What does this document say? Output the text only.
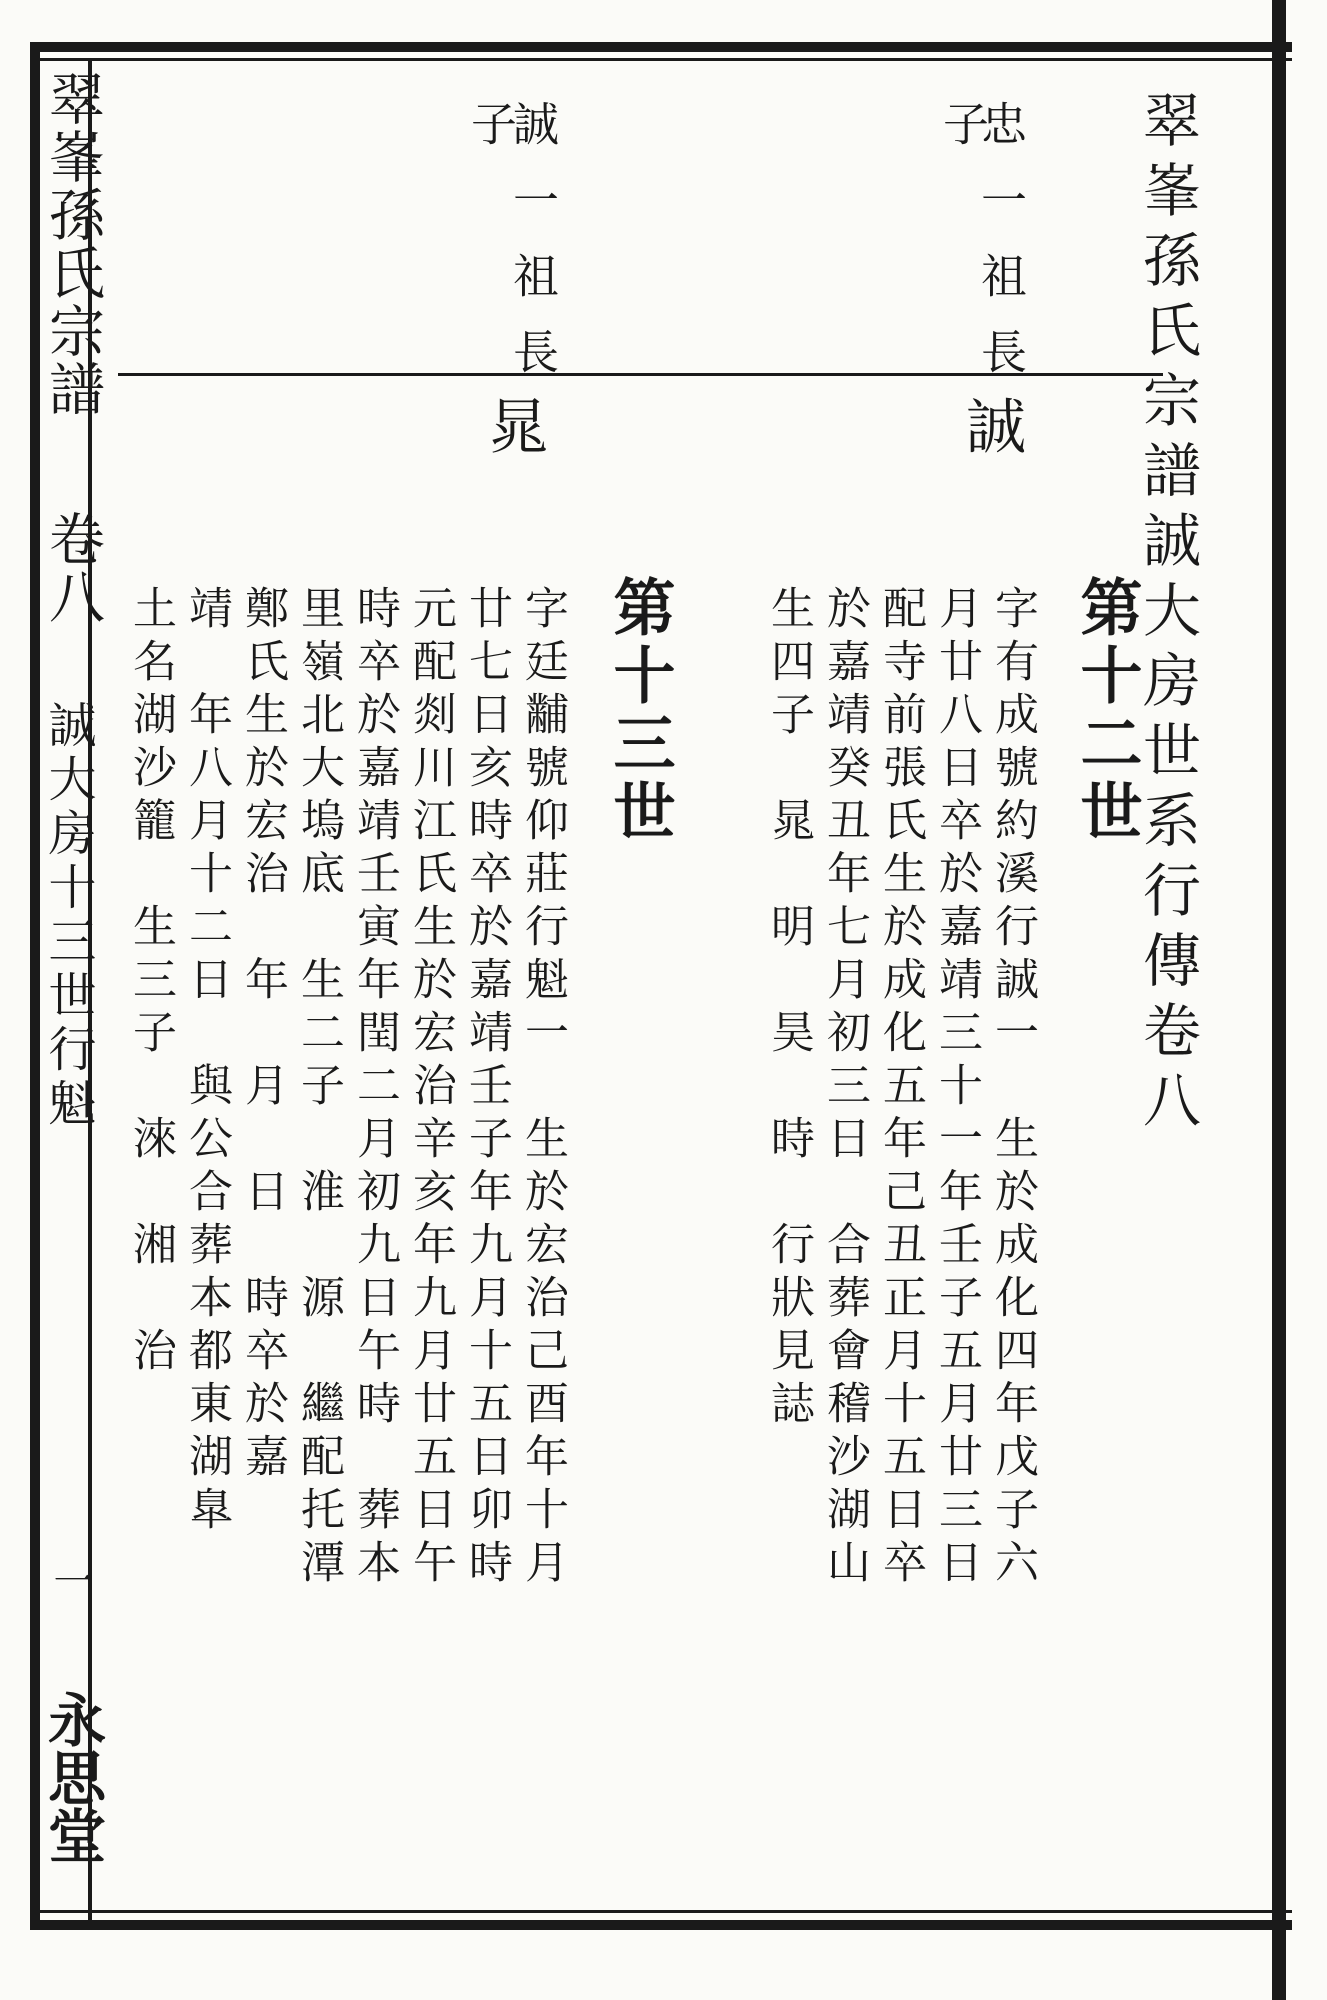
翠峯孫氏宗譜誠大房世系行傳卷八
翠峯孫氏宗譜
卷八
誠大房十三世行魁
一
永思堂
忠一祖長
子
誠
誠一祖長
子
晁
第十二世
字有成號約溪行誠一　生於成化四年戊子六
月廿八日卒於嘉靖三十一年壬子五月廿三日
配寺前張氏生於成化五年己丑正月十五日卒
於嘉靖癸丑年七月初三日　合葬會稽沙湖山
生四子　晁　明　昊　時　行狀見誌
第十三世
字廷黼號仰莊行魁一　生於宏治己酉年十月
廿七日亥時卒於嘉靖壬子年九月十五日卯時
元配剡川江氏生於宏治辛亥年九月廿五日午
時卒於嘉靖壬寅年閏二月初九日午時　葬本
里嶺北大塢底　生二子　淮　源　繼配托潭
鄭氏生於宏治　年　月　日　時卒於嘉
靖　年八月十二日　與公合葬本都東湖臯
土名湖沙籠　生三子　淶　湘　治
